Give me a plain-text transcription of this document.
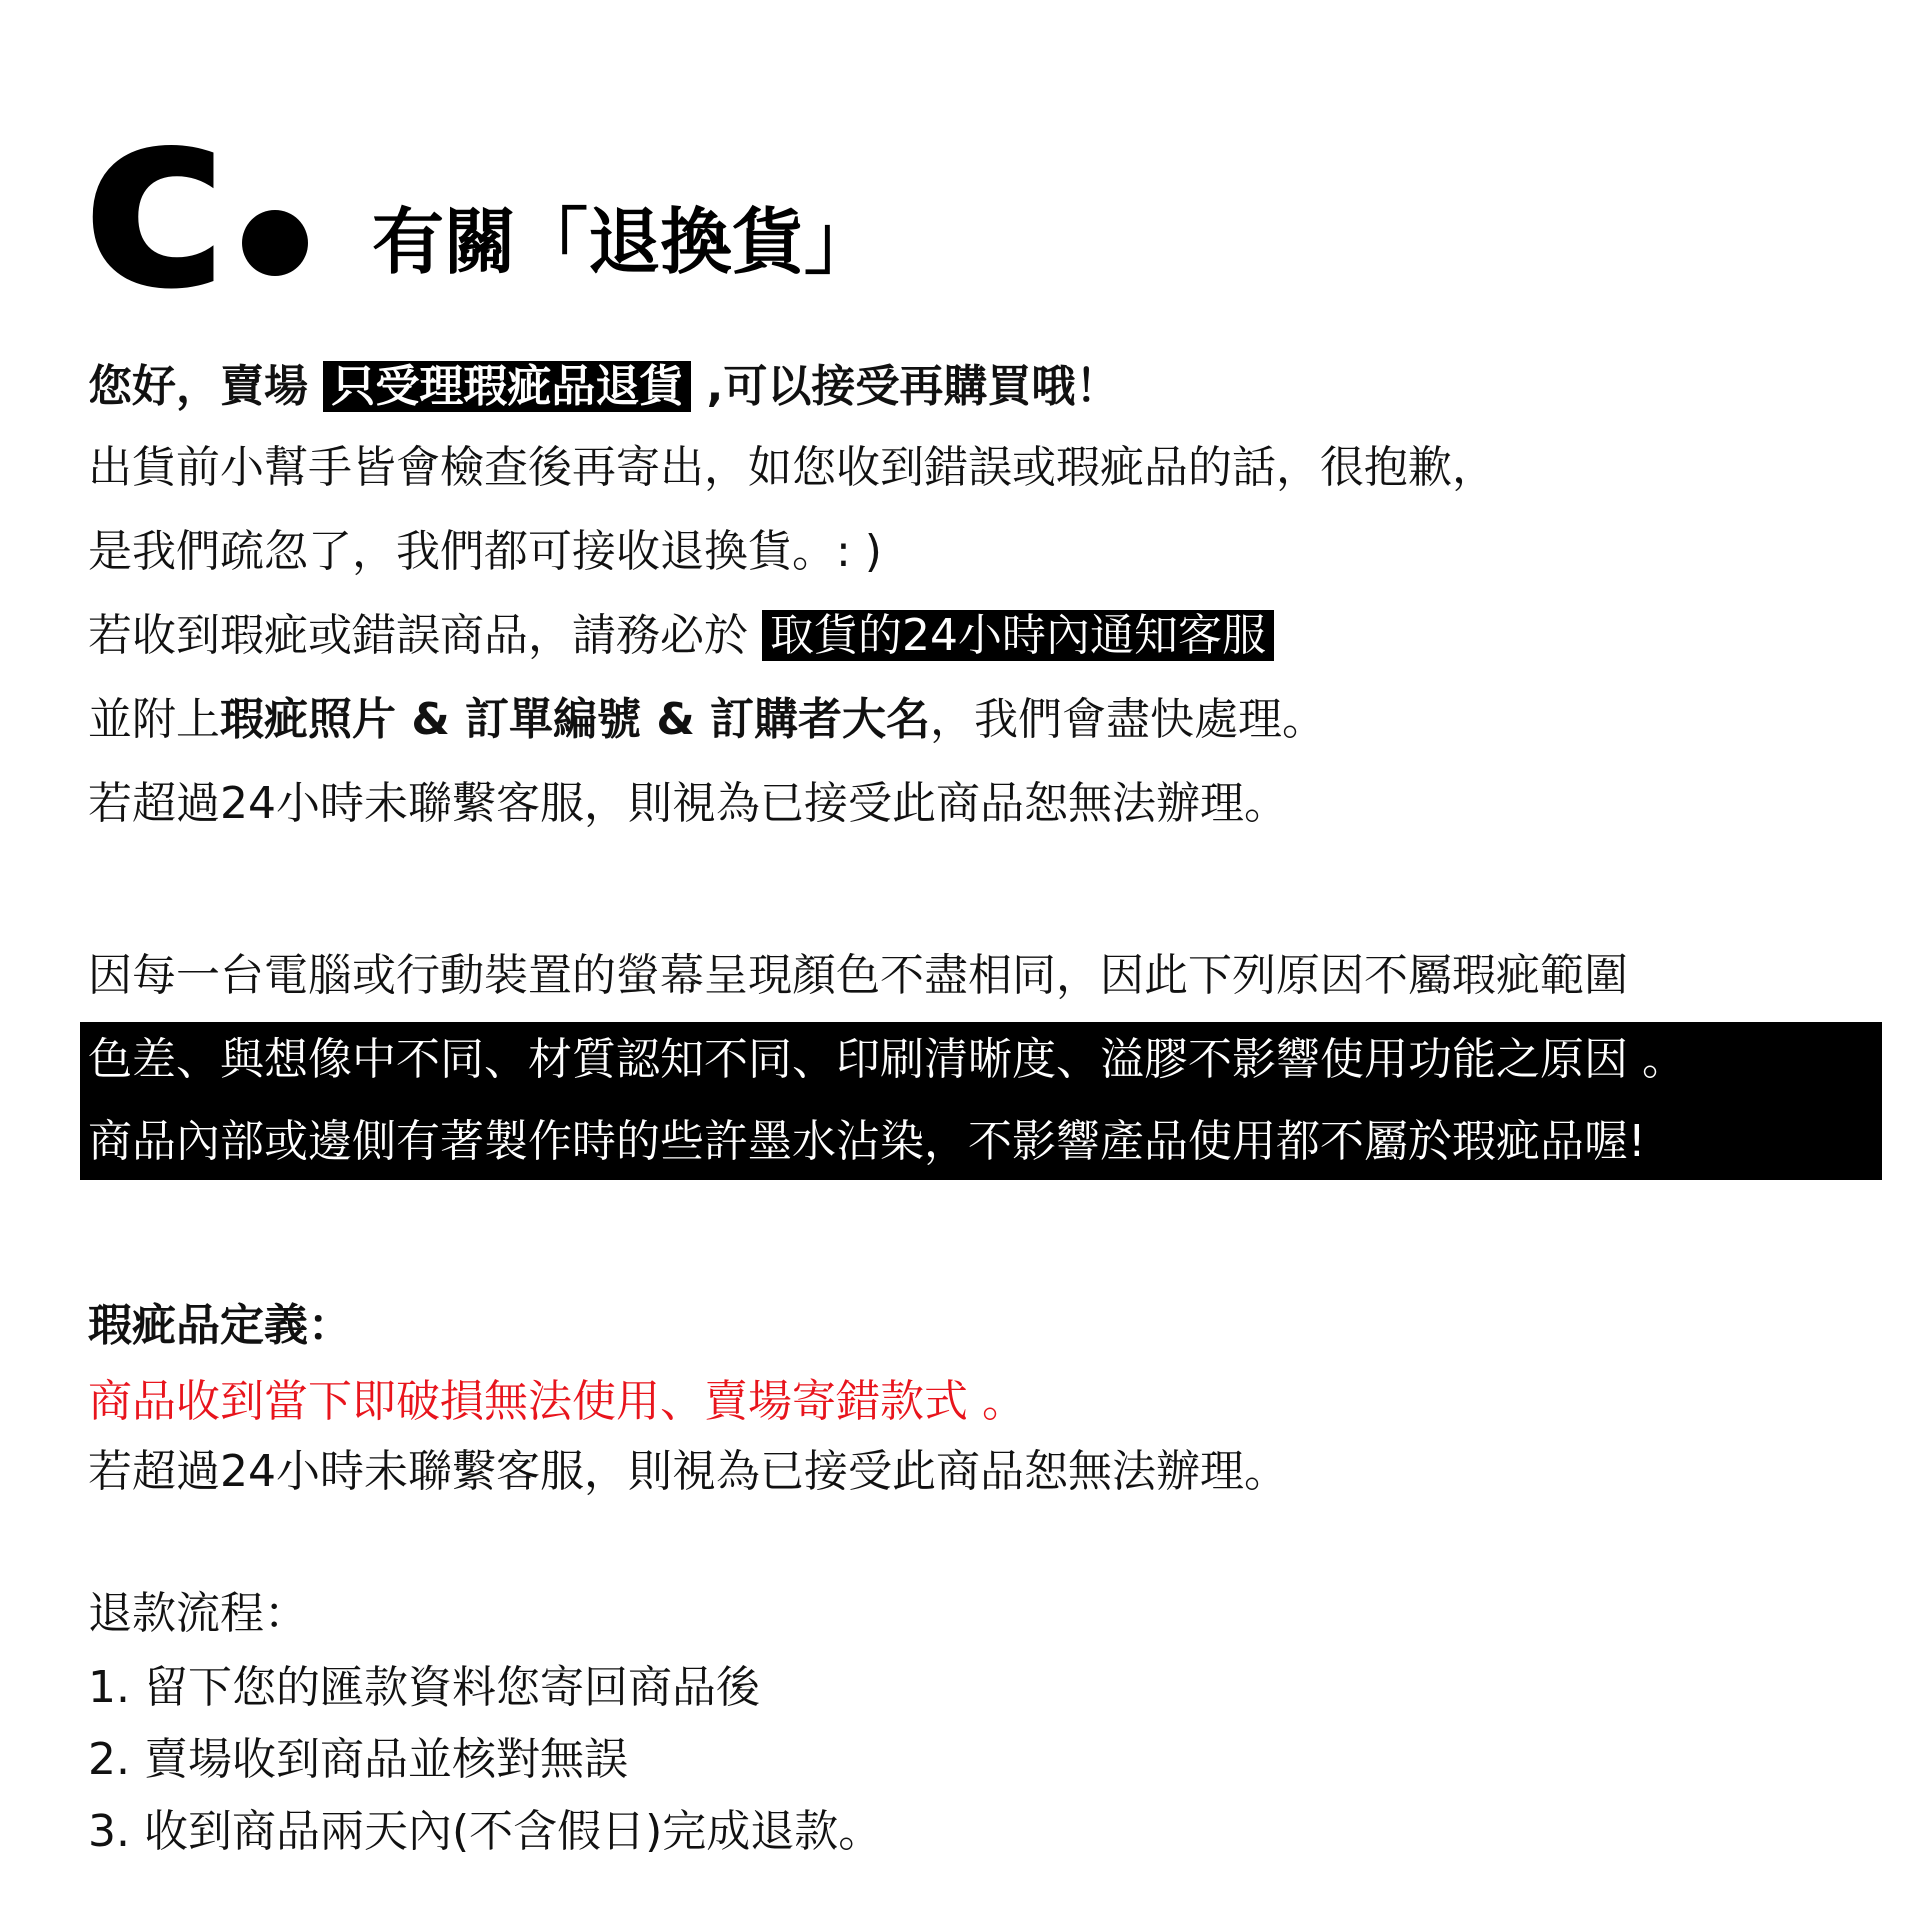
c 有關「退換貨」
您好，賣場 只受理瑕疵品退貨 ,可以接受再購買哦！
出貨前小幫手皆會檢查後再寄出，如您收到錯誤或瑕疵品的話，很抱歉，
是我們疏忽了，我們都可接收退換貨。: )
若收到瑕疵或錯誤商品，請務必於 取貨的24小時內通知客服
並附上瑕疵照片 & 訂單編號 & 訂購者大名，我們會盡快處理。
若超過24小時未聯繫客服，則視為已接受此商品恕無法辦理。
因每一台電腦或行動裝置的螢幕呈現顏色不盡相同，因此下列原因不屬瑕疵範圍
色差、與想像中不同、材質認知不同、印刷清晰度、溢膠不影響使用功能之原因 。
商品內部或邊側有著製作時的些許墨水沾染，不影響產品使用都不屬於瑕疵品喔!
瑕疵品定義：
商品收到當下即破損無法使用、賣場寄錯款式 。
若超過24小時未聯繫客服，則視為已接受此商品恕無法辦理。
退款流程：
1. 留下您的匯款資料您寄回商品後
2. 賣場收到商品並核對無誤
3. 收到商品兩天內(不含假日)完成退款。
